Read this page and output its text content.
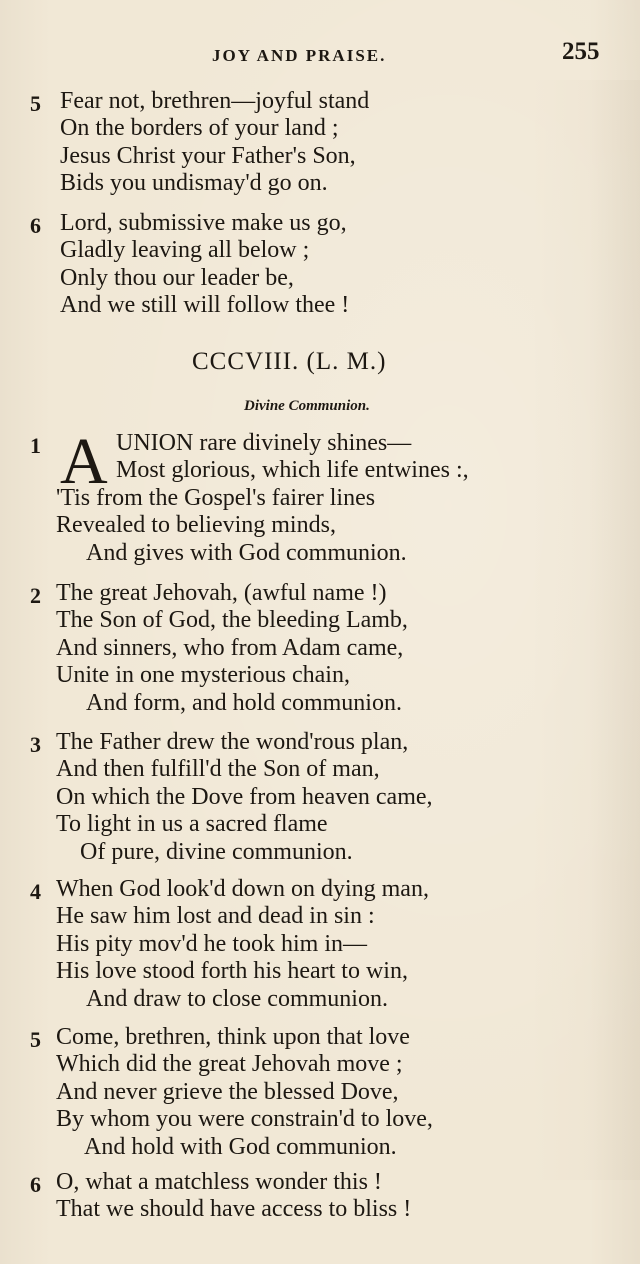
JOY AND PRAISE.	255
5 Fear not, brethren—joyful stand
On the borders of your land ;
Jesus Christ your Father's Son,
Bids you undismay'd go on.
6 Lord, submissive make us go,
Gladly leaving all below ;
Only thou our leader be,
And we still will follow thee !
CCCVIII. (L. M.)
Divine Communion.
1 A UNION rare divinely shines—
Most glorious, which life entwines :,
'Tis from the Gospel's fairer lines
Revealed to believing minds,
And gives with God communion.
2 The great Jehovah, (awful name !)
The Son of God, the bleeding Lamb,
And sinners, who from Adam came,
Unite in one mysterious chain,
And form, and hold communion.
3 The Father drew the wond'rous plan,
And then fulfill'd the Son of man,
On which the Dove from heaven came,
To light in us a sacred flame
Of pure, divine communion.
4 When God look'd down on dying man,
He saw him lost and dead in sin :
His pity mov'd he took him in—
His love stood forth his heart to win,
And draw to close communion.
5 Come, brethren, think upon that love
Which did the great Jehovah move ;
And never grieve the blessed Dove,
By whom you were constrain'd to love,
And hold with God communion.
6 O, what a matchless wonder this !
That we should have access to bliss !
